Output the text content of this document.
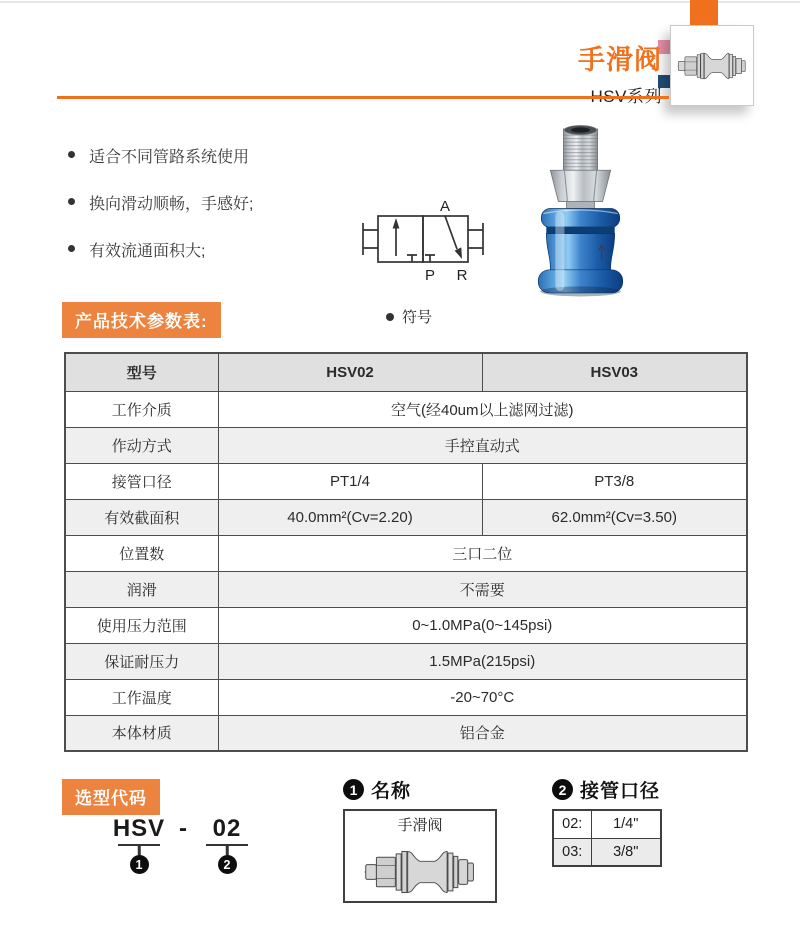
手滑阀
适合不同管路系统使用
换向滑动顺畅，手感好;
有效流通面积大;
A
P R
符号
产品技术参数表:
型号	HSV02	HSV03
工作介质	空气(经40um以上滤网过滤)	
作动方式	手控直动式	
接管口径	PT1/4	PT3/8
有效截面积	40.0mm²(Cv=2.20)	62.0mm²(Cv=3.50)
位置数	三口二位	
润滑	不需要	
使用压力范围	0~1.0MPa(0~145psi)	
保证耐压力	1.5MPa(215psi)	
工作温度	-20~70°C	
本体材质	铝合金	
选型代码
HSV
1
- 02
2
1 名称
手滑阀
2 接管口径
02:	1/4"
03:	3/8"
